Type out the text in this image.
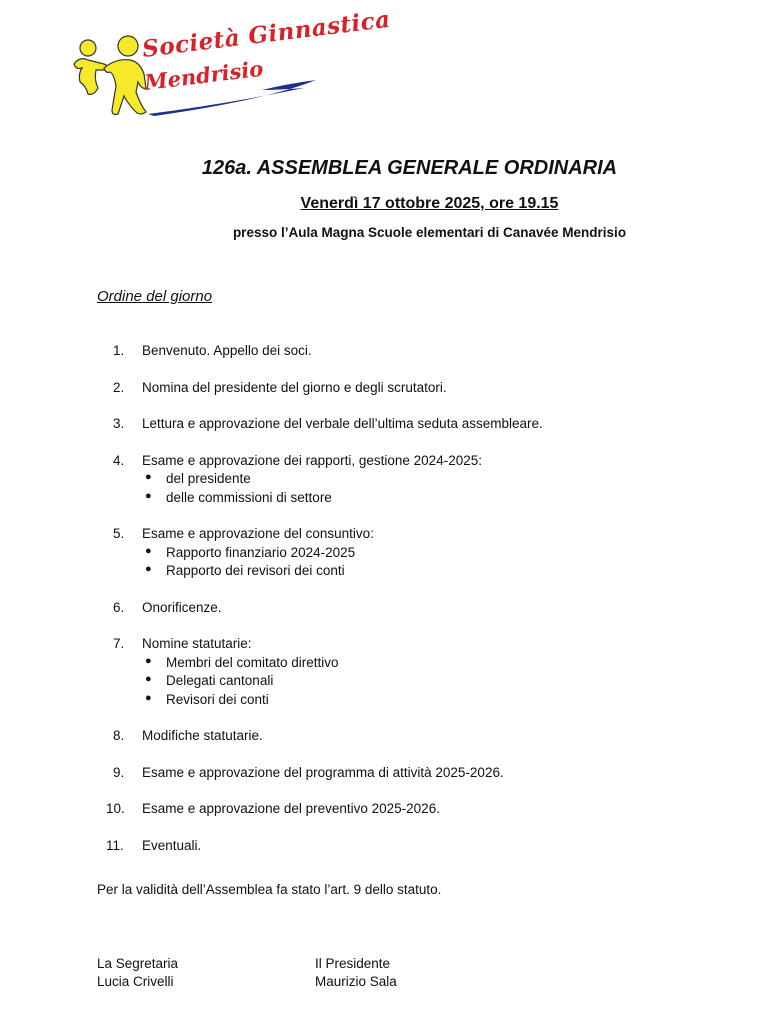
Società Ginnastica
Mendrisio
126a. ASSEMBLEA GENERALE ORDINARIA
Venerdì 17 ottobre 2025, ore 19.15
presso l’Aula Magna Scuole elementari di Canavée Mendrisio
Ordine del giorno
1. Benvenuto. Appello dei soci.
2. Nomina del presidente del giorno e degli scrutatori.
3. Lettura e approvazione del verbale dell’ultima seduta assembleare.
4. Esame e approvazione dei rapporti, gestione 2024-2025:
● del presidente
● delle commissioni di settore
5. Esame e approvazione del consuntivo:
● Rapporto finanziario 2024-2025
● Rapporto dei revisori dei conti
6. Onorificenze.
7. Nomine statutarie:
● Membri del comitato direttivo
● Delegati cantonali
● Revisori dei conti
8. Modifiche statutarie.
9. Esame e approvazione del programma di attività 2025-2026.
10. Esame e approvazione del preventivo 2025-2026.
11. Eventuali.
Per la validità dell’Assemblea fa stato l’art. 9 dello statuto.
La Segretaria
Lucia Crivelli
Il Presidente
Maurizio Sala
